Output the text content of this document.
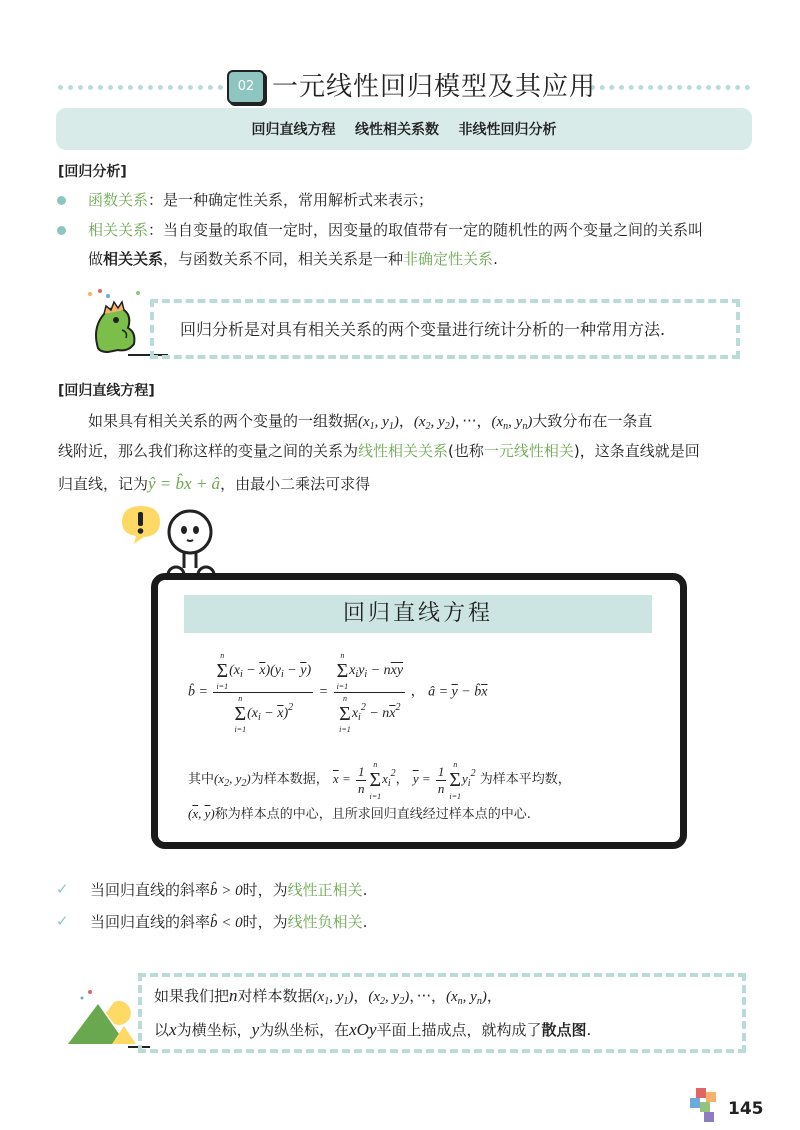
02 一元线性回归模型及其应用
回归直线方程    线性相关系数    非线性回归分析
[回归分析]
函数关系：是一种确定性关系，常用解析式来表示；
相关关系：当自变量的取值一定时，因变量的取值带有一定的随机性的两个变量之间的关系叫
做相关关系，与函数关系不同，相关关系是一种非确定性关系.
回归分析是对具有相关关系的两个变量进行统计分析的一种常用方法.
[回归直线方程]
如果具有相关关系的两个变量的一组数据($x_1$, $y_1$)，($x_2$, $y_2$)，···，($x_n$, $y_n$)大致分布在一条直
线附近，那么我们称这样的变量之间的关系为线性相关关系(也称一元线性相关)，这条直线就是回
归直线，记为ŷ = b̂x + â，由最小二乘法可求得
回归直线方程
b̂ =
n
Σ
$i=1(x_i - \overline{x})(y_i - \overline{y})$
n
Σ
$i=1(x_i - \overline{x})^2$
=
n
Σ
$i=1x_iy_i - n\overline{x}\overline{y}$
n
Σ
$i=1x_i^2 - n\overline{x}^2$
， â = $\overline{y}$ − $b̂\overline{x}$
其中($x_2$, $y_2$)为样本数据， $\overline{x} = \frac{1}{n}$ n
Σ
$i=1x_i^2$， $\overline{y} = \frac{1}{n}$ n
Σ
$i=1y_i^2$ 为样本平均数，
($\overline{x}$, $\overline{y}$)称为样本点的中心，且所求回归直线经过样本点的中心.
✓ 当回归直线的斜率b̂ > 0时，为线性正相关.
✓ 当回归直线的斜率b̂ < 0时，为线性负相关.
如果我们把n对样本数据($x_1$, $y_1$)，($x_2$, $y_2$)，···，($x_n$, $y_n$)，
以x为横坐标，y为纵坐标，在xOy平面上描成点，就构成了散点图.
145
